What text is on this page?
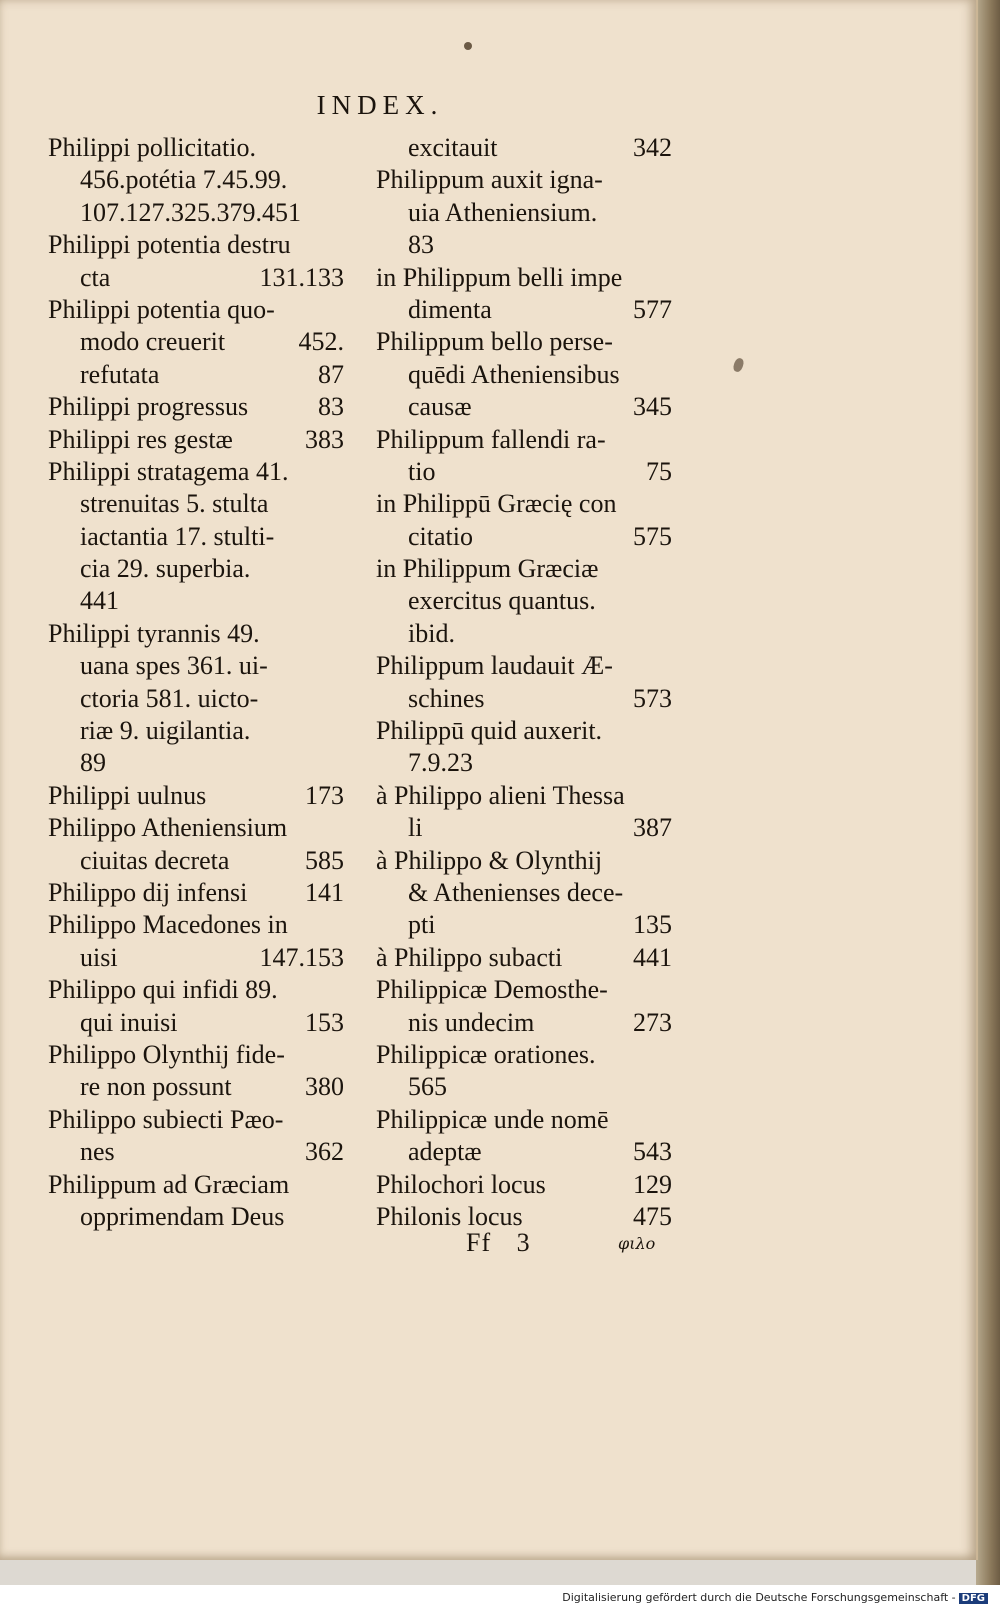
INDEX.
Philippi pollicitatio.
456.potétia 7.45.99.
107.127.325.379.451
Philippi potentia destru
cta	131.133
Philippi potentia quo-
modo creuerit	452.
refutata	87
Philippi progressus	83
Philippi res gestæ	383
Philippi stratagema 41.
strenuitas 5. stulta
iactantia 17. stulti-
cia 29. superbia.
441
Philippi tyrannis 49.
uana spes 361. ui-
ctoria 581. uicto-
riæ 9. uigilantia.
89
Philippi uulnus	173
Philippo Atheniensium
ciuitas decreta	585
Philippo dij infensi 141
Philippo Macedones in
uisi	147.153
Philippo qui infidi 89.
qui inuisi	153
Philippo Olynthij fide-
re non possunt	380
Philippo subiecti Pæo-
nes	362
Philippum ad Græciam
opprimendam Deus
excitauit	342
Philippum auxit igna-
uia Atheniensium.
83
in Philippum belli impe
dimenta	577
Philippum bello perse-
quēdi Atheniensibus
causæ	345
Philippum fallendi ra-
tio	75
in Philippū Græcię con
citatio	575
in Philippum Græciæ
exercitus quantus.
ibid.
Philippum laudauit Æ-
schines	573
Philippū quid auxerit.
7.9.23
à Philippo alieni Thessa
li	387
à Philippo & Olynthij
& Athenienses dece-
pti	135
à Philippo subacti	441
Philippicæ Demosthe-
nis undecim	273
Philippicæ orationes.
565
Philippicæ unde nomē
adeptæ	543
Philochori locus	129
Philonis locus	475
Ff 3	φιλο
Digitalisierung gefördert durch die Deutsche Forschungsgemeinschaft - DFG
